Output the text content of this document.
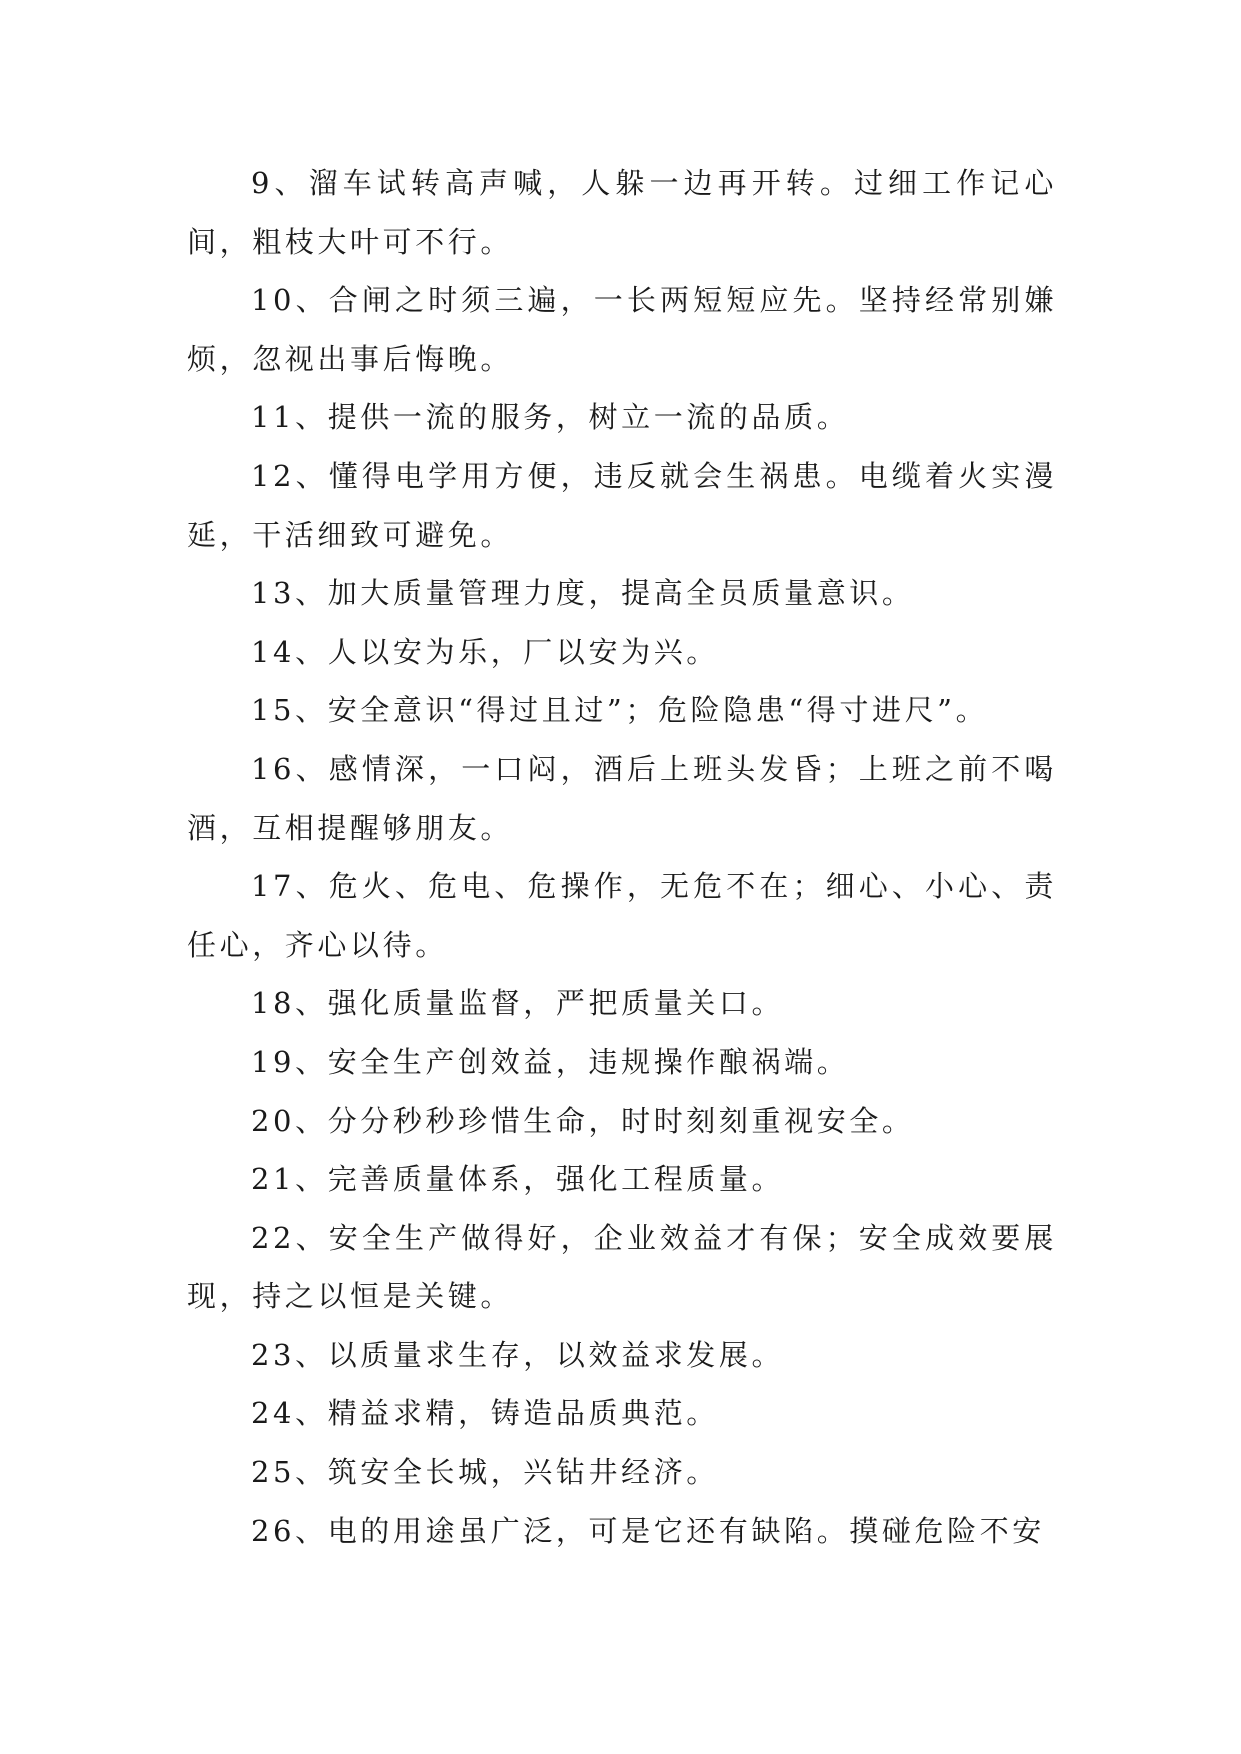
9、溜车试转高声喊，人躲一边再开转。过细工作记心间，粗枝大叶可不行。

10、合闸之时须三遍，一长两短短应先。坚持经常别嫌烦，忽视出事后悔晚。

11、提供一流的服务，树立一流的品质。

12、懂得电学用方便，违反就会生祸患。电缆着火实漫延，干活细致可避免。

13、加大质量管理力度，提高全员质量意识。

14、人以安为乐，厂以安为兴。

15、安全意识“得过且过”；危险隐患“得寸进尺”。

16、感情深，一口闷，酒后上班头发昏；上班之前不喝酒，互相提醒够朋友。

17、危火、危电、危操作，无危不在；细心、小心、责任心，齐心以待。

18、强化质量监督，严把质量关口。

19、安全生产创效益，违规操作酿祸端。

20、分分秒秒珍惜生命，时时刻刻重视安全。

21、完善质量体系，强化工程质量。

22、安全生产做得好，企业效益才有保；安全成效要展现，持之以恒是关键。

23、以质量求生存，以效益求发展。

24、精益求精，铸造品质典范。

25、筑安全长城，兴钻井经济。

26、电的用途虽广泛，可是它还有缺陷。摸碰危险不安
